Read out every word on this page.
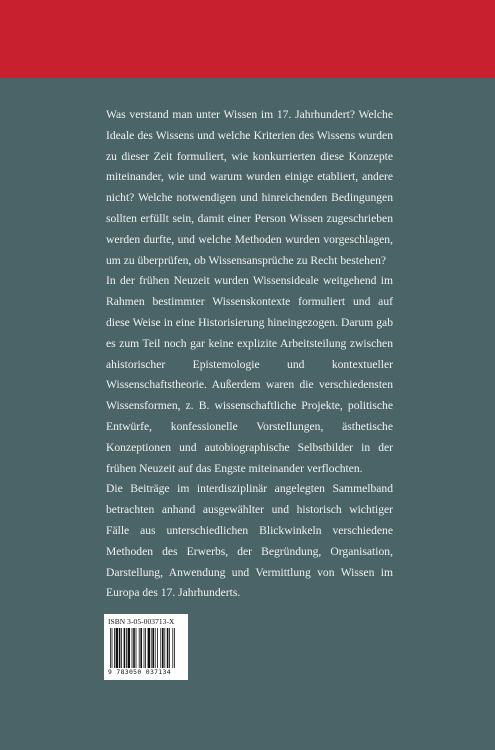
Was verstand man unter Wissen im 17. Jahrhundert? Welche Ideale des Wissens und welche Kriterien des Wissens wurden zu dieser Zeit formuliert, wie konkurrierten diese Konzepte miteinander, wie und warum wurden einige etabliert, andere nicht? Welche notwendigen und hinreichenden Bedingungen sollten erfüllt sein, damit einer Person Wissen zugeschrieben werden durfte, und welche Methoden wurden vorgeschlagen, um zu überprüfen, ob Wissensansprüche zu Recht bestehen?

In der frühen Neuzeit wurden Wissensideale weitgehend im Rahmen bestimmter Wissenskontexte formuliert und auf diese Weise in eine Historisierung hineingezogen. Darum gab es zum Teil noch gar keine explizite Arbeitsteilung zwischen ahistorischer Epistemologie und kontextueller Wissenschaftstheorie. Außerdem waren die verschiedensten Wissensformen, z. B. wissenschaftliche Projekte, politische Entwürfe, konfessionelle Vorstellungen, ästhetische Konzeptionen und autobiographische Selbstbilder in der frühen Neuzeit auf das Engste miteinander verflochten.

Die Beiträge im interdisziplinär angelegten Sammelband betrachten anhand ausgewählter und historisch wichtiger Fälle aus unterschiedlichen Blickwinkeln verschiedene Methoden des Erwerbs, der Begründung, Organisation, Darstellung, Anwendung und Vermittlung von Wissen im Europa des 17. Jahrhunderts.

ISBN 3-05-003713-X
9 783050 037134
